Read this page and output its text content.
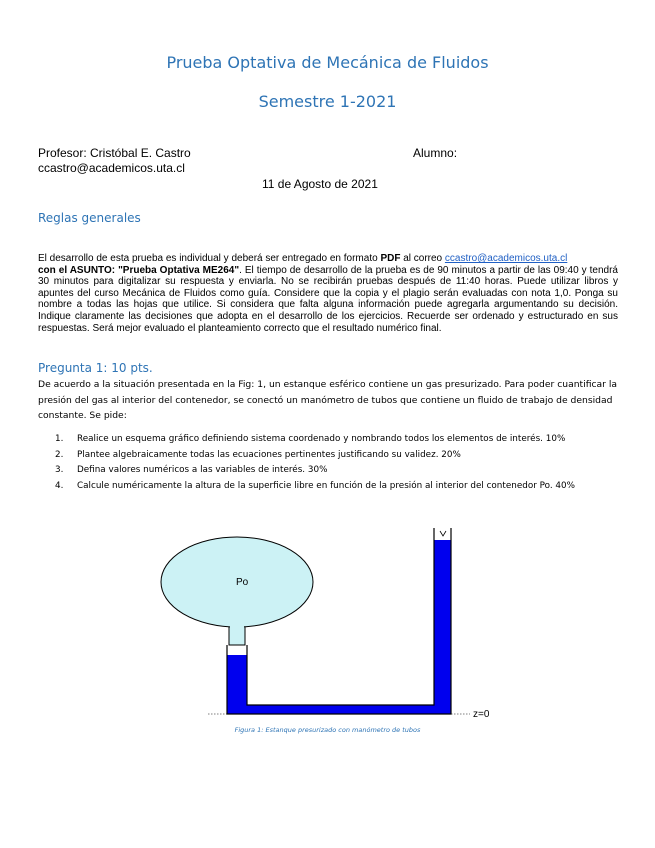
Prueba Optativa de Mecánica de Fluidos
Semestre 1-2021
Profesor: Cristóbal E. Castro
ccastro@academicos.uta.cl
Alumno:
11 de Agosto de 2021
Reglas generales
El desarrollo de esta prueba es individual y deberá ser entregado en formato PDF al correo ccastro@academicos.uta.cl
con el ASUNTO: "Prueba Optativa ME264". El tiempo de desarrollo de la prueba es de 90 minutos a partir de las 09:40 y tendrá 30 minutos para digitalizar su respuesta y enviarla. No se recibirán pruebas después de 11:40 horas. Puede utilizar libros y apuntes del curso Mecánica de Fluidos como guía. Considere que la copia y el plagio serán evaluadas con nota 1,0. Ponga su nombre a todas las hojas que utilice. Si considera que falta alguna información puede agregarla argumentando su decisión. Indique claramente las decisiones que adopta en el desarrollo de los ejercicios. Recuerde ser ordenado y estructurado en sus respuestas. Será mejor evaluado el planteamiento correcto que el resultado numérico final.
Pregunta 1: 10 pts.
De acuerdo a la situación presentada en la Fig: 1, un estanque esférico contiene un gas presurizado. Para poder cuantificar la presión del gas al interior del contenedor, se conectó un manómetro de tubos que contiene un fluido de trabajo de densidad constante. Se pide:
1. Realice un esquema gráfico definiendo sistema coordenado y nombrando todos los elementos de interés. 10%
2. Plantee algebraicamente todas las ecuaciones pertinentes justificando su validez. 20%
3. Defina valores numéricos a las variables de interés. 30%
4. Calcule numéricamente la altura de la superficie libre en función de la presión al interior del contenedor Po. 40%
Po
z=0
Figura 1: Estanque presurizado con manómetro de tubos
